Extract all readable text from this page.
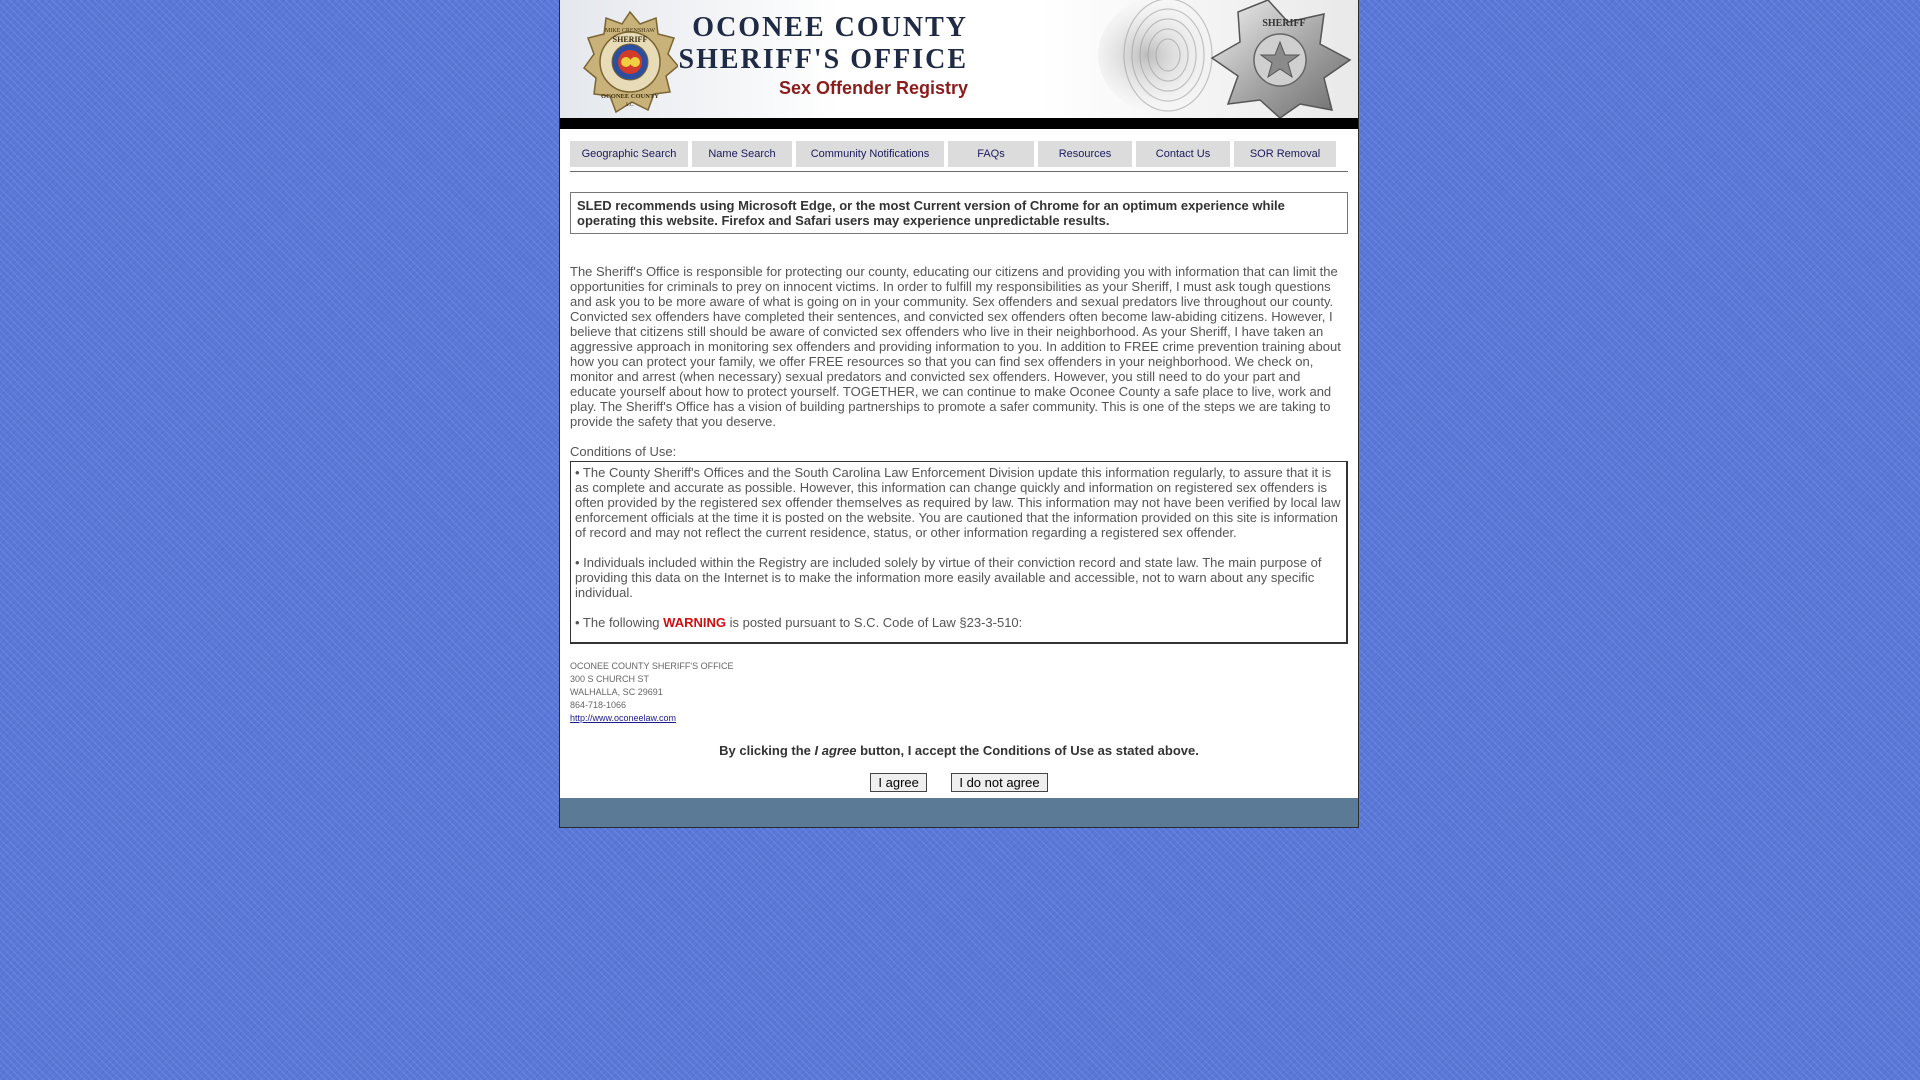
MIKE CRENSHAW
SHERIFF
OCONEE COUNTY
S.C.
OCONEE COUNTY
SHERIFF'S OFFICE
Sex Offender Registry
SHERIFF
Geographic Search	Name Search	Community Notifications	FAQs	Resources	Contact Us	SOR Removal
SLED recommends using Microsoft Edge, or the most Current version of Chrome for an optimum experience while operating this website. Firefox and Safari users may experience unpredictable results.
The Sheriff's Office is responsible for protecting our county, educating our citizens and providing you with information that can limit the opportunities for criminals to prey on innocent victims. In order to fulfill my responsibilities as your Sheriff, I must ask tough questions and ask you to be more aware of what is going on in your community. Sex offenders and sexual predators live throughout our county. Convicted sex offenders have completed their sentences, and convicted sex offenders often become law-abiding citizens. However, I believe that citizens still should be aware of convicted sex offenders who live in their neighborhood. As your Sheriff, I have taken an aggressive approach in monitoring sex offenders and providing information to you. In addition to FREE crime prevention training about how you can protect your family, we offer FREE resources so that you can find sex offenders in your neighborhood. We check on, monitor and arrest (when necessary) sexual predators and convicted sex offenders. However, you still need to do your part and educate yourself about how to protect yourself. TOGETHER, we can continue to make Oconee County a safe place to live, work and play. The Sheriff's Office has a vision of building partnerships to promote a safer community. This is one of the steps we are taking to provide the safety that you deserve.
Conditions of Use:

• The County Sheriff's Offices and the South Carolina Law Enforcement Division update this information regularly, to assure that it is as complete and accurate as possible. However, this information can change quickly and information on registered sex offenders is often provided by the registered sex offender themselves as required by law. This information may not have been verified by local law enforcement officials at the time it is posted on the website. You are cautioned that the information provided on this site is information of record and may not reflect the current residence, status, or other information regarding a registered sex offender.

• Individuals included within the Registry are included solely by virtue of their conviction record and state law. The main purpose of providing this data on the Internet is to make the information more easily available and accessible, not to warn about any specific individual.

• The following WARNING is posted pursuant to S.C. Code of Law §23-3-510:

OCONEE COUNTY SHERIFF'S OFFICE
300 S CHURCH ST
WALHALLA, SC 29691
864-718-1066
http://www.oconeelaw.com
By clicking the I agree button, I accept the Conditions of Use as stated above.
I agree	I do not agree
